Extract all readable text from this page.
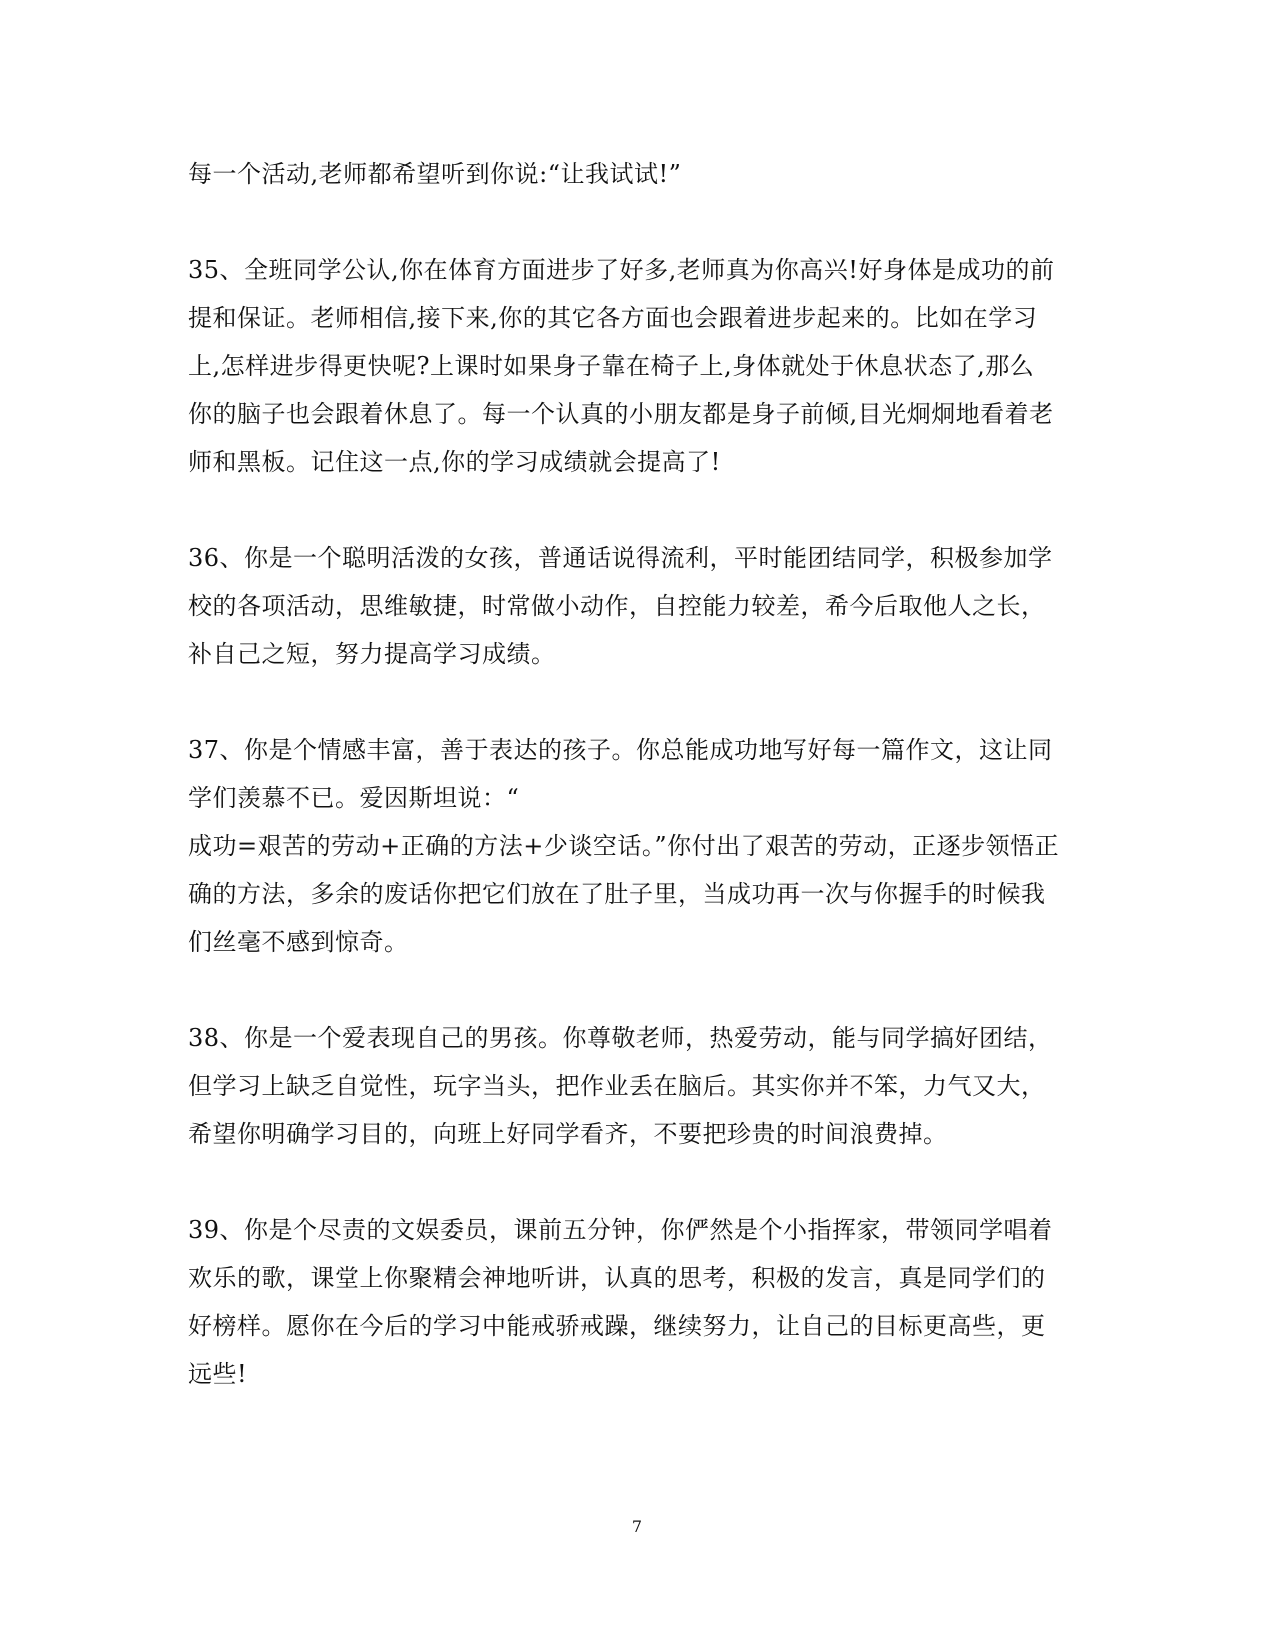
每一个活动,老师都希望听到你说:“让我试试!”
35、全班同学公认,你在体育方面进步了好多,老师真为你高兴!好身体是成功的前
提和保证。老师相信,接下来,你的其它各方面也会跟着进步起来的。比如在学习
上,怎样进步得更快呢?上课时如果身子靠在椅子上,身体就处于休息状态了,那么
你的脑子也会跟着休息了。每一个认真的小朋友都是身子前倾,目光炯炯地看着老
师和黑板。记住这一点,你的学习成绩就会提高了!
36、你是一个聪明活泼的女孩，普通话说得流利，平时能团结同学，积极参加学
校的各项活动，思维敏捷，时常做小动作，自控能力较差，希今后取他人之长，
补自己之短，努力提高学习成绩。
37、你是个情感丰富，善于表达的孩子。你总能成功地写好每一篇作文，这让同
学们羡慕不已。爱因斯坦说：“
成功=艰苦的劳动+正确的方法+少谈空话。”你付出了艰苦的劳动，正逐步领悟正
确的方法，多余的废话你把它们放在了肚子里，当成功再一次与你握手的时候我
们丝毫不感到惊奇。
38、你是一个爱表现自己的男孩。你尊敬老师，热爱劳动，能与同学搞好团结，
但学习上缺乏自觉性，玩字当头，把作业丢在脑后。其实你并不笨，力气又大，
希望你明确学习目的，向班上好同学看齐，不要把珍贵的时间浪费掉。
39、你是个尽责的文娱委员，课前五分钟，你俨然是个小指挥家，带领同学唱着
欢乐的歌，课堂上你聚精会神地听讲，认真的思考，积极的发言，真是同学们的
好榜样。愿你在今后的学习中能戒骄戒躁，继续努力，让自己的目标更高些，更
远些!
7
